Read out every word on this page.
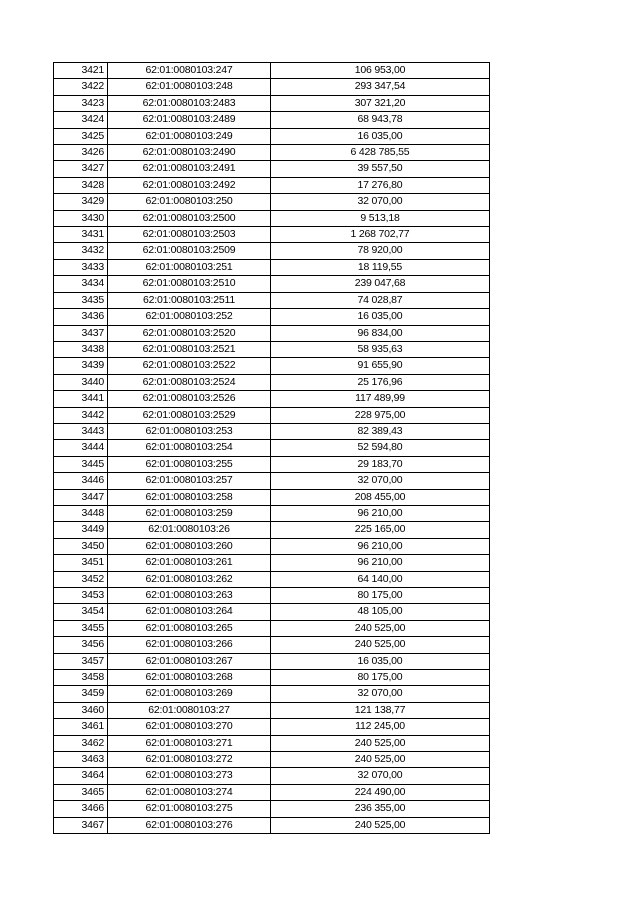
3421	62:01:0080103:247	106 953,00
3422	62:01:0080103:248	293 347,54
3423	62:01:0080103:2483	307 321,20
3424	62:01:0080103:2489	68 943,78
3425	62:01:0080103:249	16 035,00
3426	62:01:0080103:2490	6 428 785,55
3427	62:01:0080103:2491	39 557,50
3428	62:01:0080103:2492	17 276,80
3429	62:01:0080103:250	32 070,00
3430	62:01:0080103:2500	9 513,18
3431	62:01:0080103:2503	1 268 702,77
3432	62:01:0080103:2509	78 920,00
3433	62:01:0080103:251	18 119,55
3434	62:01:0080103:2510	239 047,68
3435	62:01:0080103:2511	74 028,87
3436	62:01:0080103:252	16 035,00
3437	62:01:0080103:2520	96 834,00
3438	62:01:0080103:2521	58 935,63
3439	62:01:0080103:2522	91 655,90
3440	62:01:0080103:2524	25 176,96
3441	62:01:0080103:2526	117 489,99
3442	62:01:0080103:2529	228 975,00
3443	62:01:0080103:253	82 389,43
3444	62:01:0080103:254	52 594,80
3445	62:01:0080103:255	29 183,70
3446	62:01:0080103:257	32 070,00
3447	62:01:0080103:258	208 455,00
3448	62:01:0080103:259	96 210,00
3449	62:01:0080103:26	225 165,00
3450	62:01:0080103:260	96 210,00
3451	62:01:0080103:261	96 210,00
3452	62:01:0080103:262	64 140,00
3453	62:01:0080103:263	80 175,00
3454	62:01:0080103:264	48 105,00
3455	62:01:0080103:265	240 525,00
3456	62:01:0080103:266	240 525,00
3457	62:01:0080103:267	16 035,00
3458	62:01:0080103:268	80 175,00
3459	62:01:0080103:269	32 070,00
3460	62:01:0080103:27	121 138,77
3461	62:01:0080103:270	112 245,00
3462	62:01:0080103:271	240 525,00
3463	62:01:0080103:272	240 525,00
3464	62:01:0080103:273	32 070,00
3465	62:01:0080103:274	224 490,00
3466	62:01:0080103:275	236 355,00
3467	62:01:0080103:276	240 525,00
